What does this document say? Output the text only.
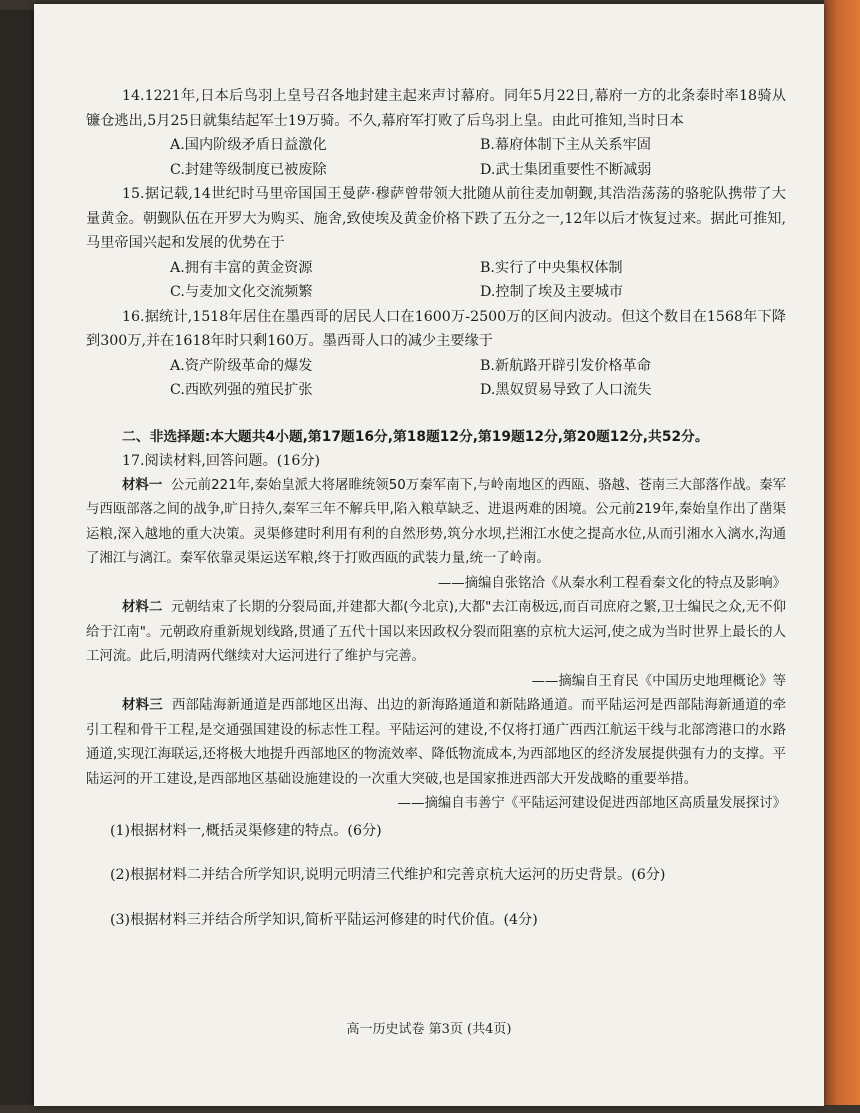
14.1221年,日本后鸟羽上皇号召各地封建主起来声讨幕府。同年5月22日,幕府一方的北条泰时率18骑从镰仓逃出,5月25日就集结起军士19万骑。不久,幕府军打败了后鸟羽上皇。由此可推知,当时日本

A.国内阶级矛盾日益激化	B.幕府体制下主从关系牢固
C.封建等级制度已被废除	D.武士集团重要性不断减弱

15.据记载,14世纪时马里帝国国王曼萨·穆萨曾带领大批随从前往麦加朝觐,其浩浩荡荡的骆驼队携带了大量黄金。朝觐队伍在开罗大为购买、施舍,致使埃及黄金价格下跌了五分之一,12年以后才恢复过来。据此可推知,马里帝国兴起和发展的优势在于

A.拥有丰富的黄金资源	B.实行了中央集权体制
C.与麦加文化交流频繁	D.控制了埃及主要城市

16.据统计,1518年居住在墨西哥的居民人口在1600万-2500万的区间内波动。但这个数目在1568年下降到300万,并在1618年时只剩160万。墨西哥人口的减少主要缘于

A.资产阶级革命的爆发	B.新航路开辟引发价格革命
C.西欧列强的殖民扩张	D.黑奴贸易导致了人口流失

二、非选择题:本大题共4小题,第17题16分,第18题12分,第19题12分,第20题12分,共52分。

17.阅读材料,回答问题。(16分)

材料一 公元前221年,秦始皇派大将屠睢统领50万秦军南下,与岭南地区的西瓯、骆越、苍南三大部落作战。秦军与西瓯部落之间的战争,旷日持久,秦军三年不解兵甲,陷入粮草缺乏、进退两难的困境。公元前219年,秦始皇作出了凿渠运粮,深入越地的重大决策。灵渠修建时利用有利的自然形势,筑分水坝,拦湘江水使之提高水位,从而引湘水入漓水,沟通了湘江与漓江。秦军依靠灵渠运送军粮,终于打败西瓯的武装力量,统一了岭南。

——摘编自张铭洽《从秦水利工程看秦文化的特点及影响》

材料二 元朝结束了长期的分裂局面,并建都大都(今北京),大都"去江南极远,而百司庶府之繁,卫士编民之众,无不仰给于江南"。元朝政府重新规划线路,贯通了五代十国以来因政权分裂而阻塞的京杭大运河,使之成为当时世界上最长的人工河流。此后,明清两代继续对大运河进行了维护与完善。

——摘编自王育民《中国历史地理概论》等

材料三 西部陆海新通道是西部地区出海、出边的新海路通道和新陆路通道。而平陆运河是西部陆海新通道的牵引工程和骨干工程,是交通强国建设的标志性工程。平陆运河的建设,不仅将打通广西西江航运干线与北部湾港口的水路通道,实现江海联运,还将极大地提升西部地区的物流效率、降低物流成本,为西部地区的经济发展提供强有力的支撑。平陆运河的开工建设,是西部地区基础设施建设的一次重大突破,也是国家推进西部大开发战略的重要举措。

——摘编自韦善宁《平陆运河建设促进西部地区高质量发展探讨》

(1)根据材料一,概括灵渠修建的特点。(6分)

(2)根据材料二并结合所学知识,说明元明清三代维护和完善京杭大运河的历史背景。(6分)

(3)根据材料三并结合所学知识,简析平陆运河修建的时代价值。(4分)

高一历史试卷 第3页 (共4页)
